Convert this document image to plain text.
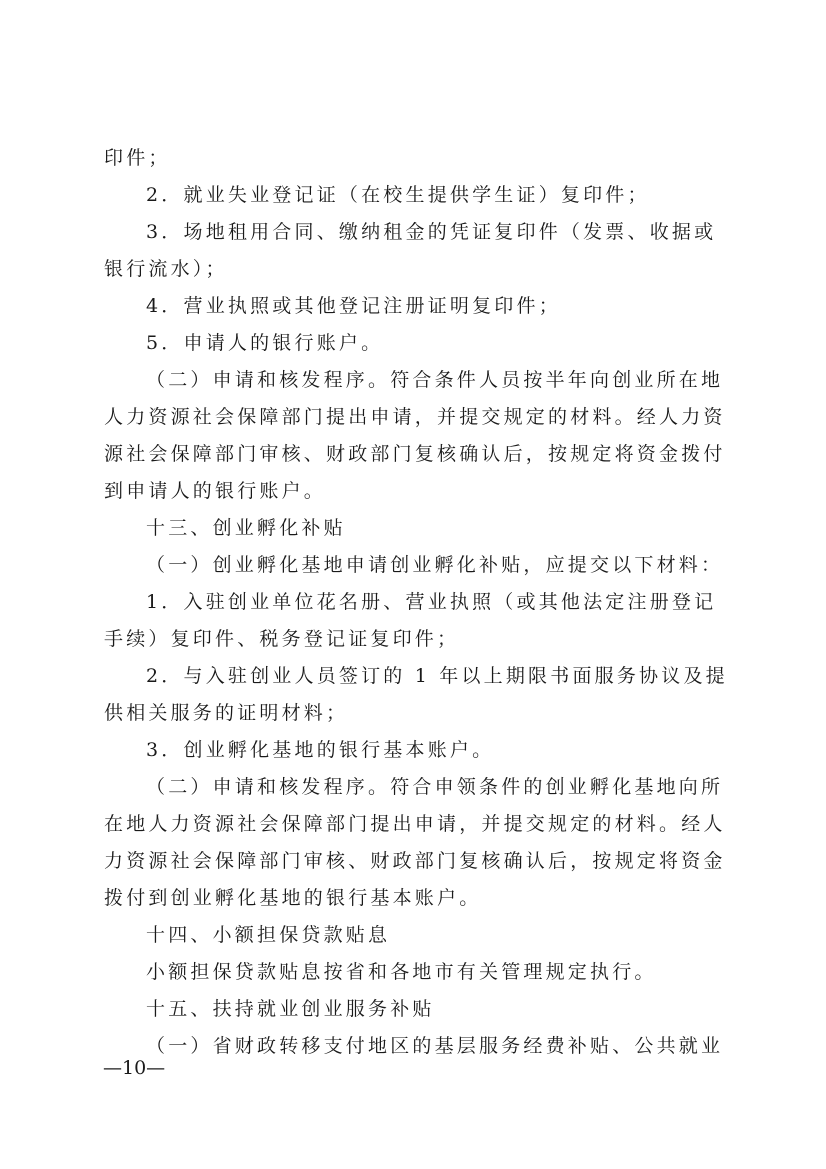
印件；
2．就业失业登记证（在校生提供学生证）复印件；
3．场地租用合同、缴纳租金的凭证复印件（发票、收据或
银行流水）；
4．营业执照或其他登记注册证明复印件；
5．申请人的银行账户。
（二）申请和核发程序。符合条件人员按半年向创业所在地
人力资源社会保障部门提出申请，并提交规定的材料。经人力资
源社会保障部门审核、财政部门复核确认后，按规定将资金拨付
到申请人的银行账户。
十三、创业孵化补贴
（一）创业孵化基地申请创业孵化补贴，应提交以下材料：
1．入驻创业单位花名册、营业执照（或其他法定注册登记
手续）复印件、税务登记证复印件；
2．与入驻创业人员签订的 1 年以上期限书面服务协议及提
供相关服务的证明材料；
3．创业孵化基地的银行基本账户。
（二）申请和核发程序。符合申领条件的创业孵化基地向所
在地人力资源社会保障部门提出申请，并提交规定的材料。经人
力资源社会保障部门审核、财政部门复核确认后，按规定将资金
拨付到创业孵化基地的银行基本账户。
十四、小额担保贷款贴息
小额担保贷款贴息按省和各地市有关管理规定执行。
十五、扶持就业创业服务补贴
（一）省财政转移支付地区的基层服务经费补贴、公共就业
—10—
